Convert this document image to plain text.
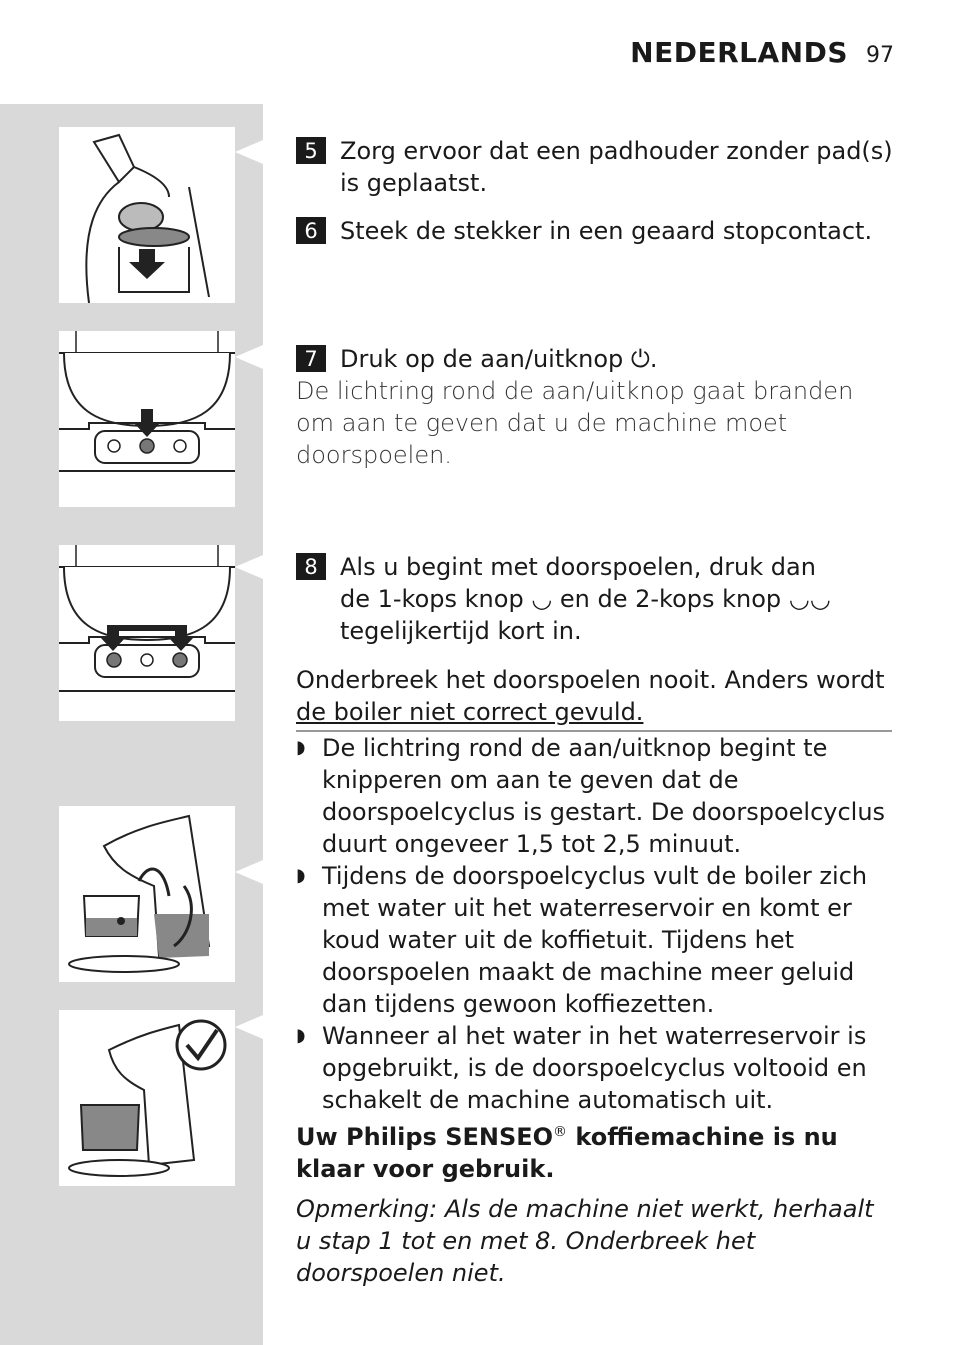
NEDERLANDS 97
5 Zorg ervoor dat een padhouder zonder pad(s) is geplaatst.
6 Steek de stekker in een geaard stopcontact.
7 Druk op de aan/uitknop ⏻.
De lichtring rond de aan/uitknop gaat branden om aan te geven dat u de machine moet doorspoelen.
8 Als u begint met doorspoelen, druk dan
de 1-kops knop ◡ en de 2-kops knop ◡◡
tegelijkertijd kort in.
Onderbreek het doorspoelen nooit. Anders wordt
de boiler niet correct gevuld.
◗ De lichtring rond de aan/uitknop begint te knipperen om aan te geven dat de doorspoelcyclus is gestart. De doorspoelcyclus duurt ongeveer 1,5 tot 2,5 minuut.
◗ Tijdens de doorspoelcyclus vult de boiler zich met water uit het waterreservoir en komt er koud water uit de koffietuit. Tijdens het doorspoelen maakt de machine meer geluid dan tijdens gewoon koffiezetten.
◗ Wanneer al het water in het waterreservoir is opgebruikt, is de doorspoelcyclus voltooid en schakelt de machine automatisch uit.
Uw Philips SENSEO® koffiemachine is nu klaar voor gebruik.
Opmerking: Als de machine niet werkt, herhaalt u stap 1 tot en met 8. Onderbreek het doorspoelen niet.
